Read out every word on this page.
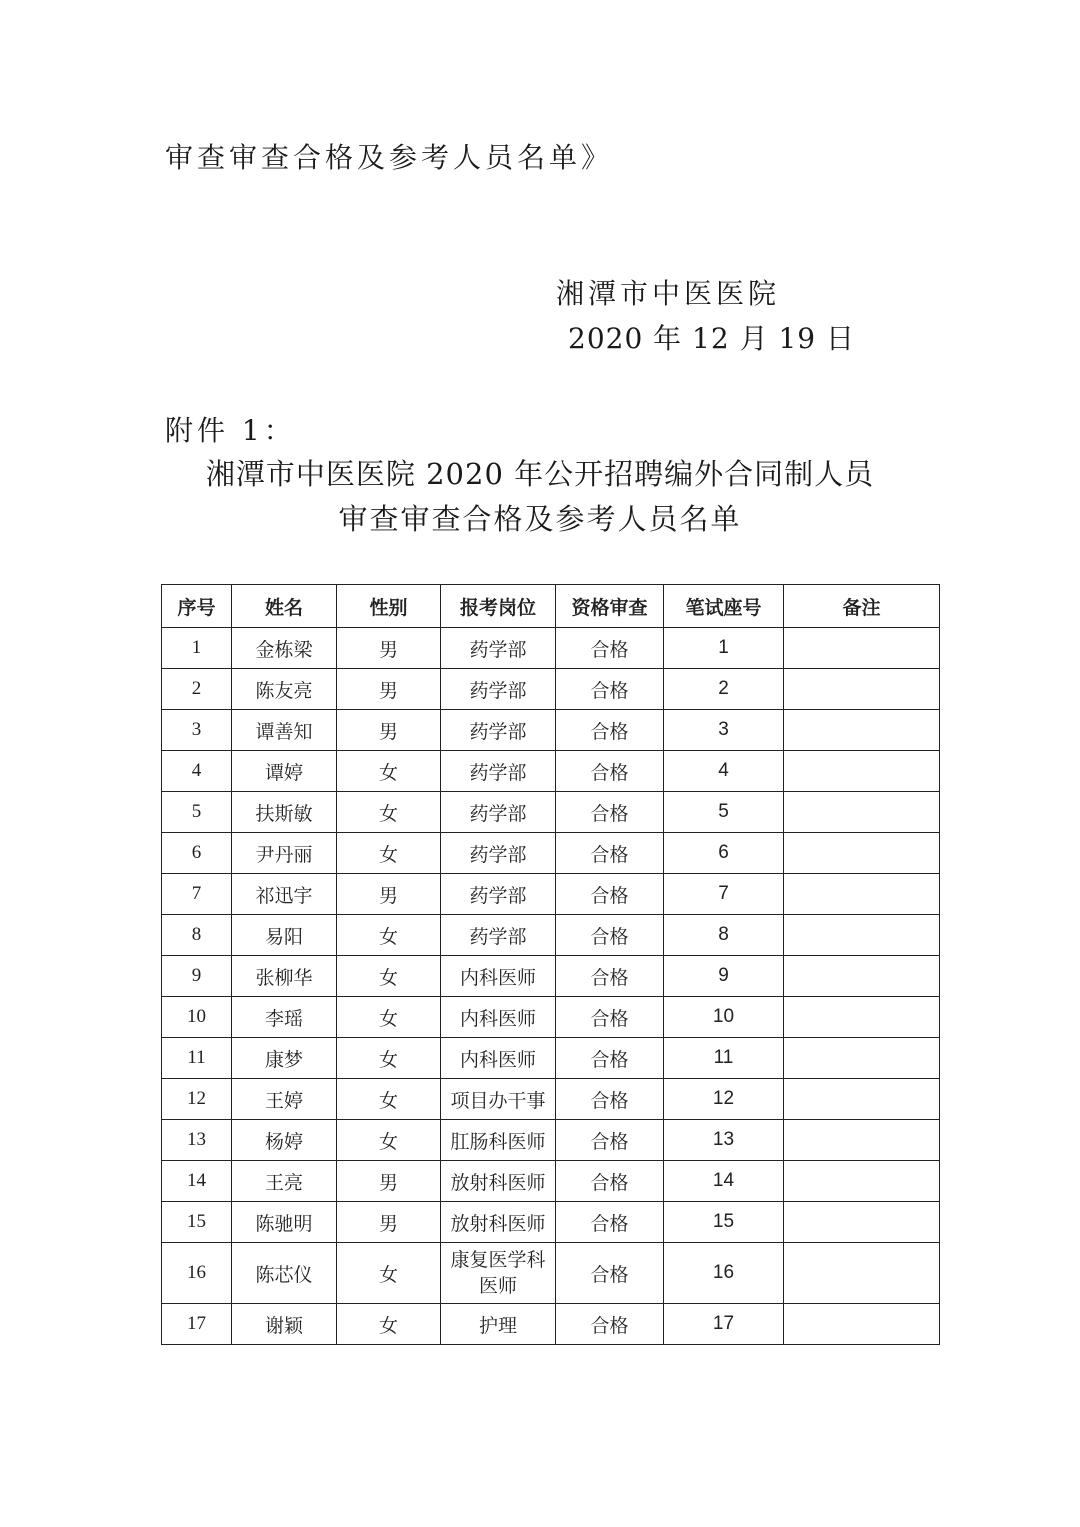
审查审查合格及参考人员名单》
湘潭市中医医院
2020 年 12 月 19 日
附件 1：
湘潭市中医医院 2020 年公开招聘编外合同制人员
审查审查合格及参考人员名单
序号	姓名	性别	报考岗位	资格审查	笔试座号	备注
1	金栋梁	男	药学部	合格	1	
2	陈友亮	男	药学部	合格	2	
3	谭善知	男	药学部	合格	3	
4	谭婷	女	药学部	合格	4	
5	扶斯敏	女	药学部	合格	5	
6	尹丹丽	女	药学部	合格	6	
7	祁迅宇	男	药学部	合格	7	
8	易阳	女	药学部	合格	8	
9	张柳华	女	内科医师	合格	9	
10	李瑶	女	内科医师	合格	10	
11	康梦	女	内科医师	合格	11	
12	王婷	女	项目办干事	合格	12	
13	杨婷	女	肛肠科医师	合格	13	
14	王亮	男	放射科医师	合格	14	
15	陈驰明	男	放射科医师	合格	15	
16	陈芯仪	女	康复医学科医师	合格	16	
17	谢颖	女	护理	合格	17	
